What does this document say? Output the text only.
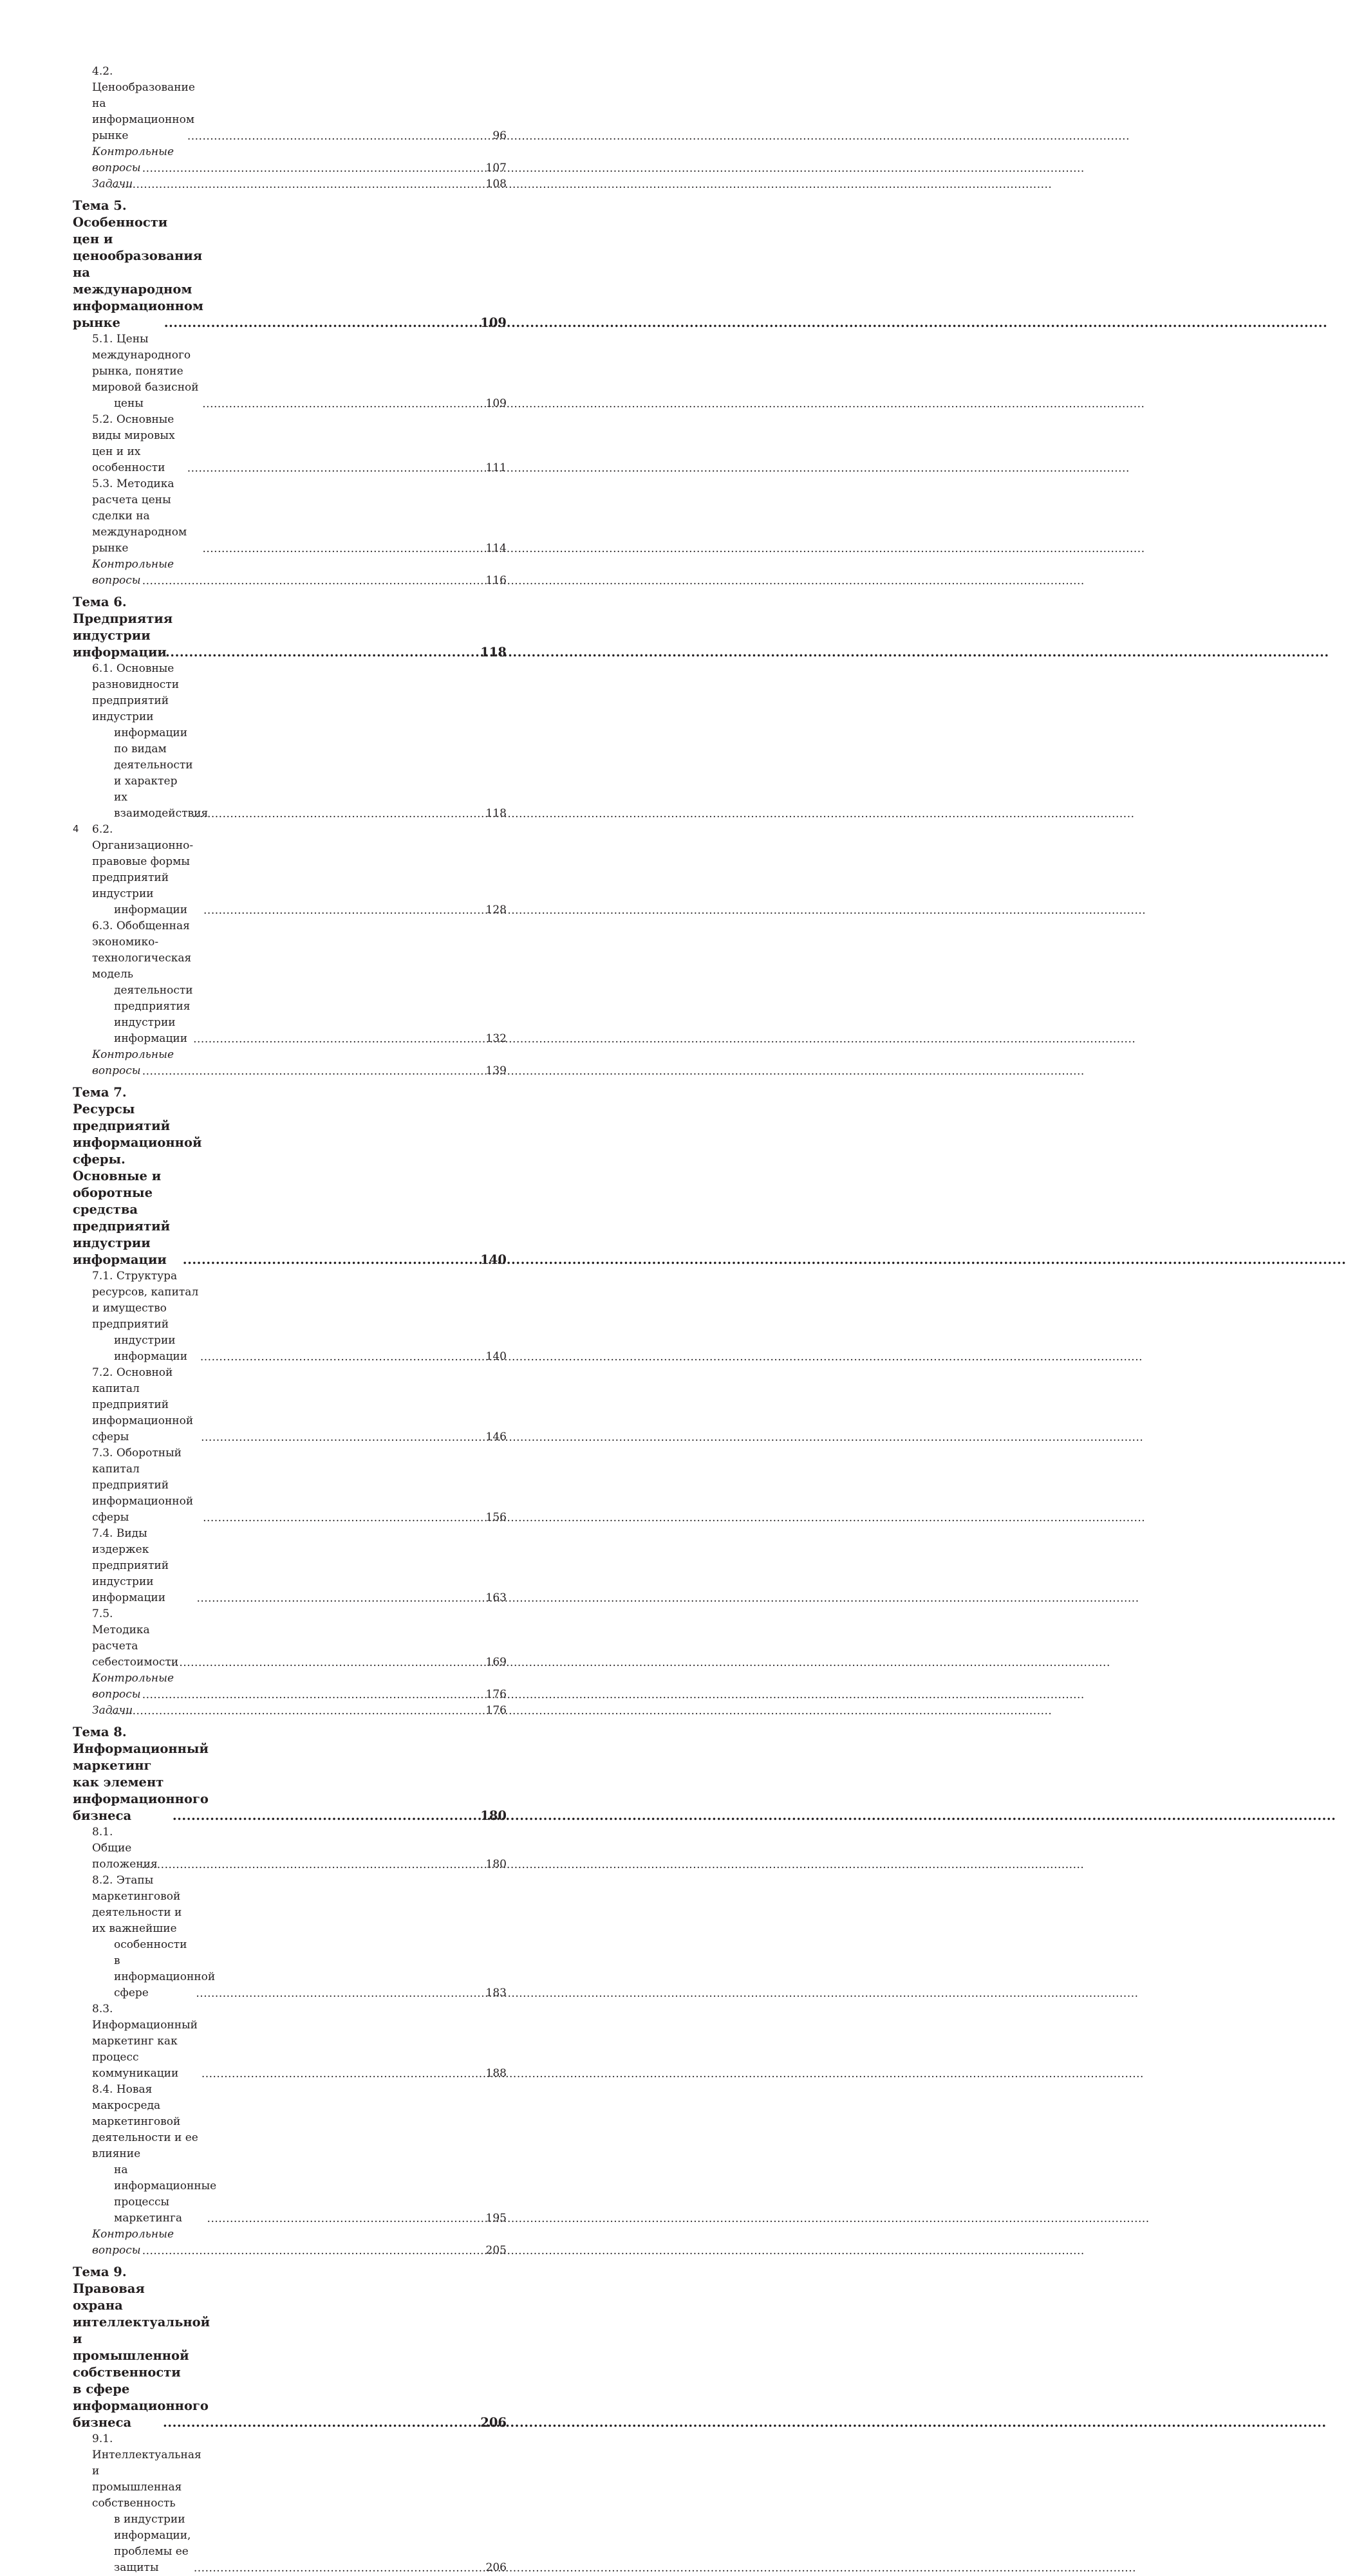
4.2. Ценообразование на информационном рынке .....	96
Контрольные вопросы .....	107
Задачи .....	108
Тема 5. Особенности цен и ценообразования
на международном информационном рынке .....	109
5.1. Цены международного рынка, понятие мировой базисной
цены .....	109
5.2. Основные виды мировых цен и их особенности .....	111
5.3. Методика расчета цены сделки на международном рынке .....	114
Контрольные вопросы .....	116
Тема 6. Предприятия индустрии информации .....	118
6.1. Основные разновидности предприятий индустрии
информации по видам деятельности и характер их
взаимодействия .....	118
6.2. Организационно-правовые формы предприятий индустрии
информации .....	128
6.3. Обобщенная экономико-технологическая модель
деятельности предприятия индустрии информации .....	132
Контрольные вопросы .....	139
Тема 7. Ресурсы предприятий информационной сферы.
Основные и оборотные средства предприятий индустрии
информации .....	140
7.1. Структура ресурсов, капитал и имущество предприятий
индустрии информации .....	140
7.2. Основной капитал предприятий информационной сферы .....	146
7.3. Оборотный капитал предприятий информационной сферы .....	156
7.4. Виды издержек предприятий индустрии информации .....	163
7.5. Методика расчета себестоимости .....	169
Контрольные вопросы .....	176
Задачи .....	176
Тема 8. Информационный маркетинг как элемент
информационного бизнеса .....	180
8.1. Общие положения .....	180
8.2. Этапы маркетинговой деятельности и их важнейшие
особенности в информационной сфере .....	183
8.3. Информационный маркетинг как процесс коммуникации .....	188
8.4. Новая макросреда маркетинговой деятельности и ее влияние
на информационные процессы маркетинга .....	195
Контрольные вопросы .....	205
Тема 9. Правовая охрана интеллектуальной
и промышленной собственности в сфере
информационного бизнеса .....	206
9.1. Интеллектуальная и промышленная собственность
в индустрии информации, проблемы ее защиты .....	206
4
